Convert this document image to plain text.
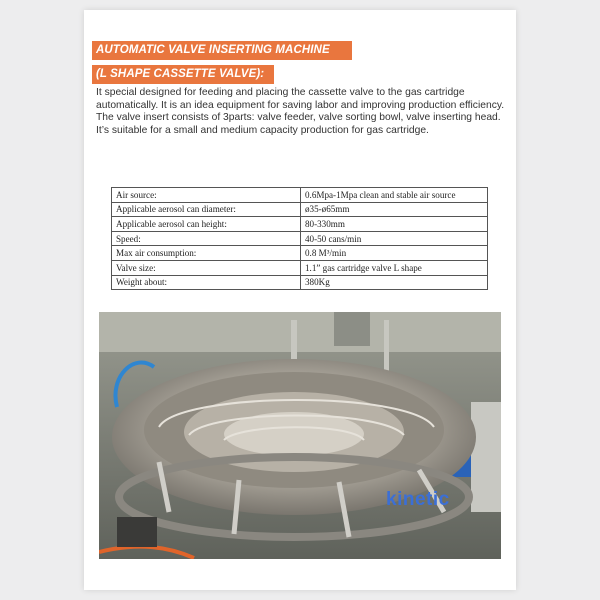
AUTOMATIC VALVE INSERTING MACHINE
(L SHAPE CASSETTE VALVE):

It special designed for feeding and placing the cassette valve to the gas cartridge automatically. It is an idea equipment for saving labor and improving production efficiency. The valve insert consists of 3parts: valve feeder, valve sorting bowl, valve inserting head. It’s suitable for a small and medium capacity production for gas cartridge.

Air source:	0.6Mpa-1Mpa clean and stable air source
Applicable aerosol can diameter:	ø35-ø65mm
Applicable aerosol can height:	80-330mm
Speed:	40-50 cans/min
Max air consumption:	0.8 M³/min
Valve size:	1.1” gas cartridge valve L shape
Weight about:	380Kg
kinetic
